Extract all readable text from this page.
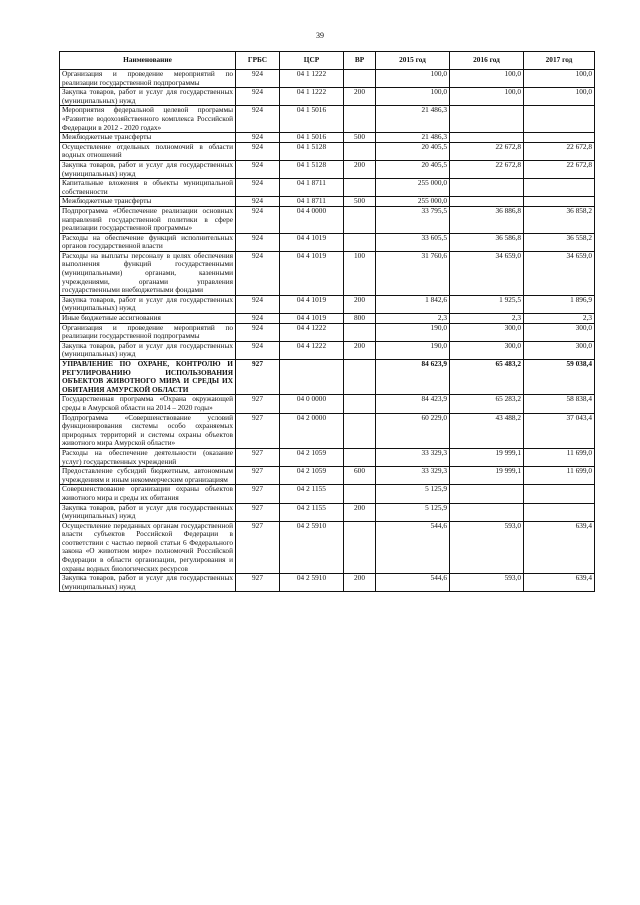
39
Наименование	ГРБС	ЦСР	ВР	2015 год	2016 год	2017 год
Организация и проведение мероприятий по реализации государственной подпрограммы	924	04 1 1222		100,0	100,0	100,0
Закупка товаров, работ и услуг для государственных (муниципальных) нужд	924	04 1 1222	200	100,0	100,0	100,0
Мероприятия федеральной целевой программы «Развитие водохозяйственного комплекса Российской Федерации в 2012 - 2020 годах»	924	04 1 5016		21 486,3		
Межбюджетные трансферты	924	04 1 5016	500	21 486,3		
Осуществление отдельных полномочий в области водных отношений	924	04 1 5128		20 405,5	22 672,8	22 672,8
Закупка товаров, работ и услуг для государственных (муниципальных) нужд	924	04 1 5128	200	20 405,5	22 672,8	22 672,8
Капитальные вложения в объекты муниципальной собственности	924	04 1 8711		255 000,0		
Межбюджетные трансферты	924	04 1 8711	500	255 000,0		
Подпрограмма «Обеспечение реализации основных направлений государственной политики в сфере реализации государственной программы»	924	04 4 0000		33 795,5	36 886,8	36 858,2
Расходы на обеспечение функций исполнительных органов государственной власти	924	04 4 1019		33 605,5	36 586,8	36 558,2
Расходы на выплаты персоналу в целях обеспечения выполнения функций государственными (муниципальными) органами, казенными учреждениями, органами управления государственными внебюджетными фондами	924	04 4 1019	100	31 760,6	34 659,0	34 659,0
Закупка товаров, работ и услуг для государственных (муниципальных) нужд	924	04 4 1019	200	1 842,6	1 925,5	1 896,9
Иные бюджетные ассигнования	924	04 4 1019	800	2,3	2,3	2,3
Организация и проведение мероприятий по реализации государственной подпрограммы	924	04 4 1222		190,0	300,0	300,0
Закупка товаров, работ и услуг для государственных (муниципальных) нужд	924	04 4 1222	200	190,0	300,0	300,0
УПРАВЛЕНИЕ ПО ОХРАНЕ, КОНТРОЛЮ И РЕГУЛИРОВАНИЮ ИСПОЛЬЗОВАНИЯ ОБЪЕКТОВ ЖИВОТНОГО МИРА И СРЕДЫ ИХ ОБИТАНИЯ АМУРСКОЙ ОБЛАСТИ	927			84 623,9	65 483,2	59 038,4
Государственная программа «Охрана окружающей среды в Амурской области на 2014 – 2020 годы»	927	04 0 0000		84 423,9	65 283,2	58 838,4
Подпрограмма «Совершенствование условий функционирования системы особо охраняемых природных территорий и системы охраны объектов животного мира Амурской области»	927	04 2 0000		60 229,0	43 488,2	37 043,4
Расходы на обеспечение деятельности (оказание услуг) государственных учреждений	927	04 2 1059		33 329,3	19 999,1	11 699,0
Предоставление субсидий бюджетным, автономным учреждениям и иным некоммерческим организациям	927	04 2 1059	600	33 329,3	19 999,1	11 699,0
Совершенствование организации охраны объектов животного мира и среды их обитания	927	04 2 1155		5 125,9		
Закупка товаров, работ и услуг для государственных (муниципальных) нужд	927	04 2 1155	200	5 125,9		
Осуществление переданных органам государственной власти субъектов Российской Федерации в соответствии с частью первой статьи 6 Федерального закона «О животном мире» полномочий Российской Федерации в области организации, регулирования и охраны водных биологических ресурсов	927	04 2 5910		544,6	593,0	639,4
Закупка товаров, работ и услуг для государственных (муниципальных) нужд	927	04 2 5910	200	544,6	593,0	639,4
